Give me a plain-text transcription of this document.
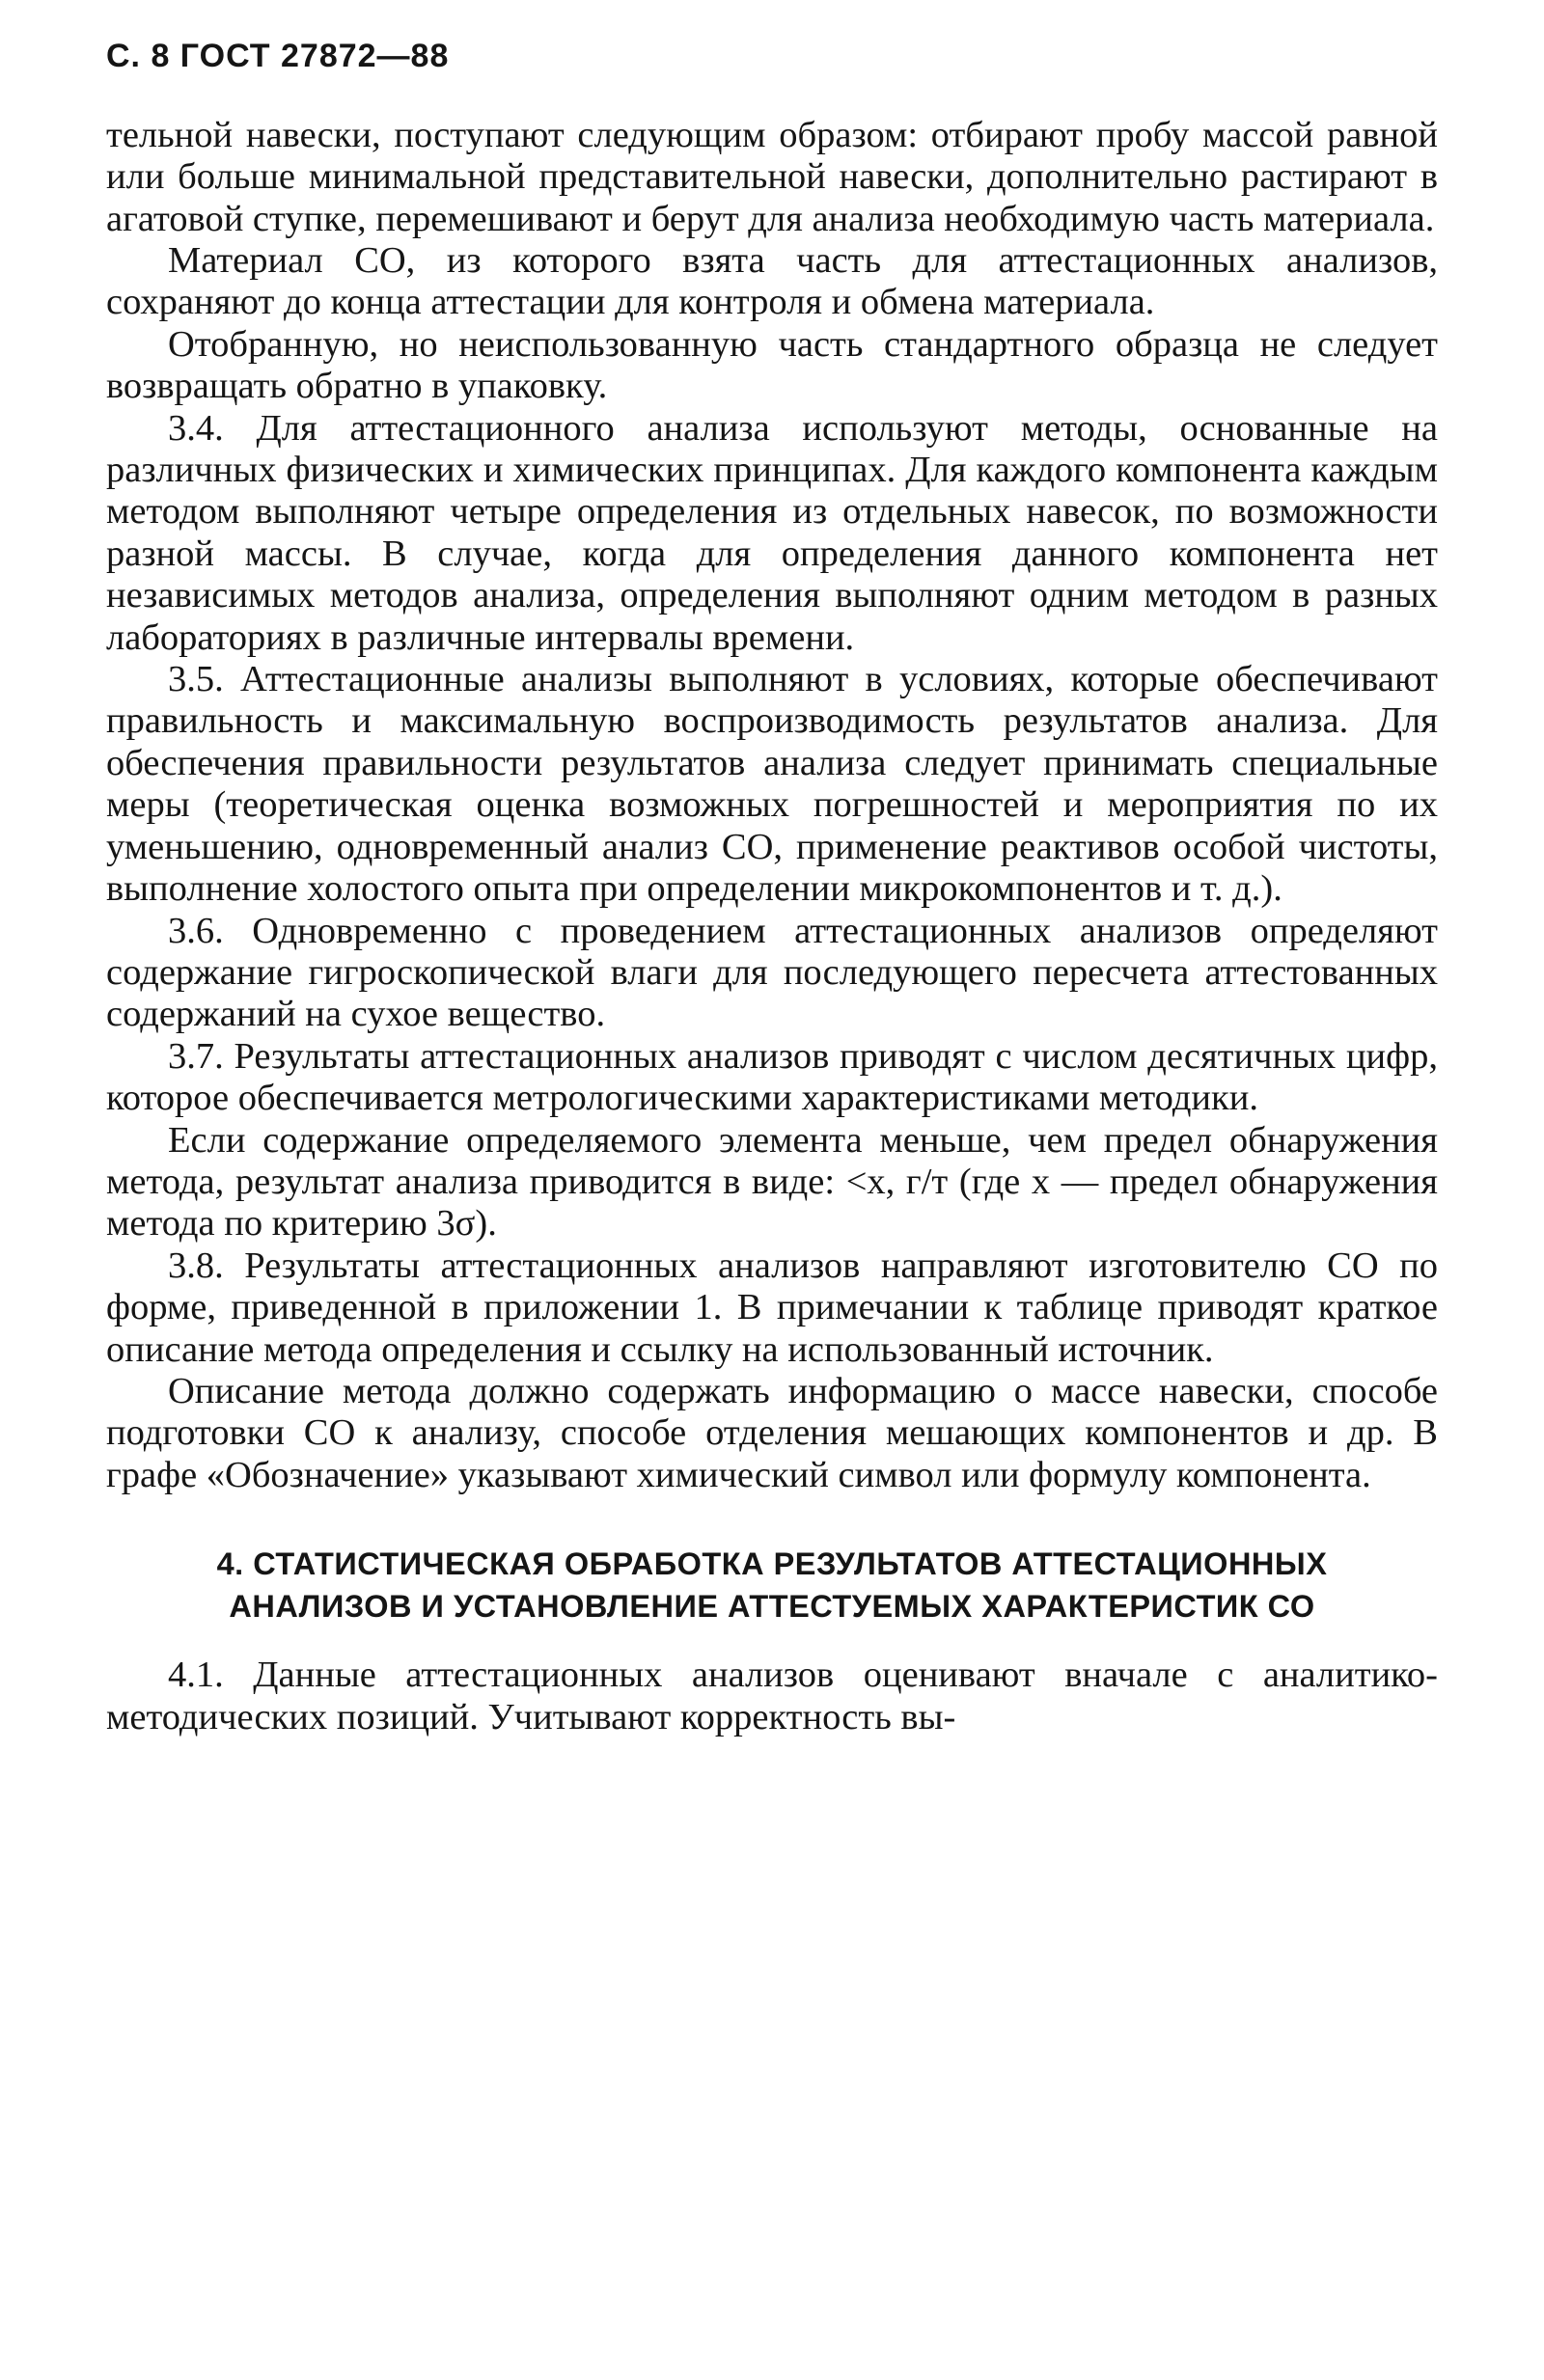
С. 8 ГОСТ 27872—88

тельной навески, поступают следующим образом: отбирают пробу массой равной или больше минимальной представительной навески, дополнительно растирают в агатовой ступке, перемешивают и берут для анализа необходимую часть материала.

Материал СО, из которого взята часть для аттестационных анализов, сохраняют до конца аттестации для контроля и обмена материала.

Отобранную, но неиспользованную часть стандартного образца не следует возвращать обратно в упаковку.

3.4. Для аттестационного анализа используют методы, основанные на различных физических и химических принципах. Для каждого компонента каждым методом выполняют четыре определения из отдельных навесок, по возможности разной массы. В случае, когда для определения данного компонента нет независимых методов анализа, определения выполняют одним методом в разных лабораториях в различные интервалы времени.

3.5. Аттестационные анализы выполняют в условиях, которые обеспечивают правильность и максимальную воспроизводимость результатов анализа. Для обеспечения правильности результатов анализа следует принимать специальные меры (теоретическая оценка возможных погрешностей и мероприятия по их уменьшению, одновременный анализ СО, применение реактивов особой чистоты, выполнение холостого опыта при определении микрокомпонентов и т. д.).

3.6. Одновременно с проведением аттестационных анализов определяют содержание гигроскопической влаги для последующего пересчета аттестованных содержаний на сухое вещество.

3.7. Результаты аттестационных анализов приводят с числом десятичных цифр, которое обеспечивается метрологическими характеристиками методики.

Если содержание определяемого элемента меньше, чем предел обнаружения метода, результат анализа приводится в виде: <x, г/т (где x — предел обнаружения метода по критерию 3σ).

3.8. Результаты аттестационных анализов направляют изготовителю СО по форме, приведенной в приложении 1. В примечании к таблице приводят краткое описание метода определения и ссылку на использованный источник.

Описание метода должно содержать информацию о массе навески, способе подготовки СО к анализу, способе отделения мешающих компонентов и др. В графе «Обозначение» указывают химический символ или формулу компонента.

4. СТАТИСТИЧЕСКАЯ ОБРАБОТКА РЕЗУЛЬТАТОВ АТТЕСТАЦИОННЫХ
АНАЛИЗОВ И УСТАНОВЛЕНИЕ АТТЕСТУЕМЫХ ХАРАКТЕРИСТИК СО

4.1. Данные аттестационных анализов оценивают вначале с аналитико-методических позиций. Учитывают корректность вы-
